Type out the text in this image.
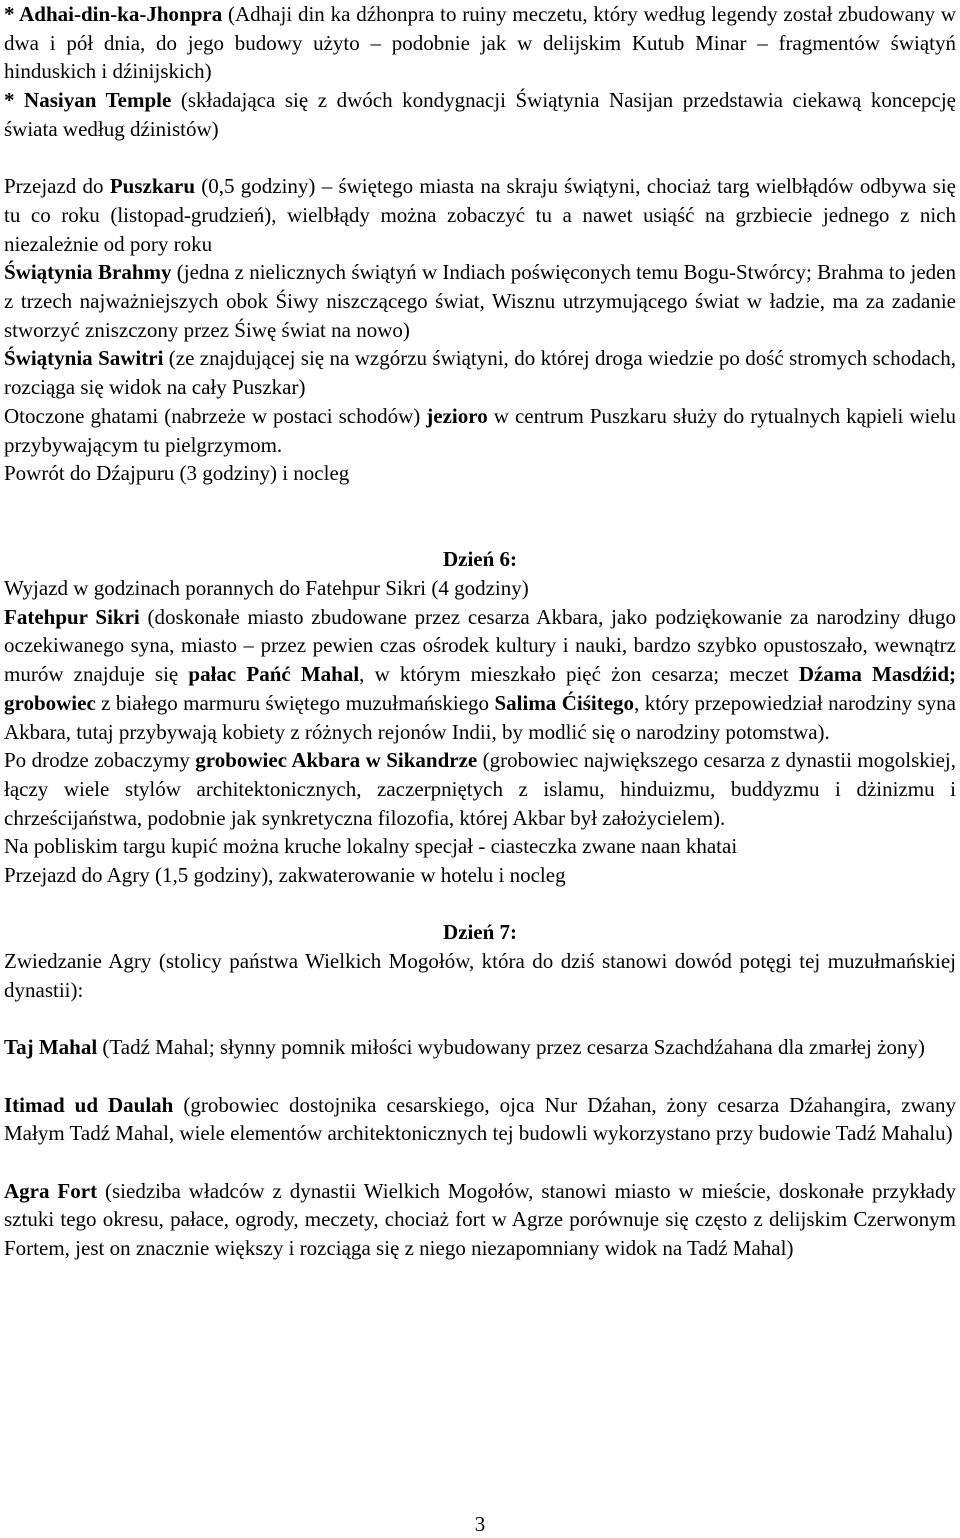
* Adhai-din-ka-Jhonpra (Adhaji din ka dźhonpra to ruiny meczetu, który według legendy został zbudowany w dwa i pół dnia, do jego budowy użyto – podobnie jak w delijskim Kutub Minar – fragmentów świątyń hinduskich i dźinijskich)

* Nasiyan Temple (składająca się z dwóch kondygnacji Świątynia Nasijan przedstawia ciekawą koncepcję świata według dźinistów)

Przejazd do Puszkaru (0,5 godziny) – świętego miasta na skraju świątyni, chociaż targ wielbłądów odbywa się tu co roku (listopad-grudzień), wielbłądy można zobaczyć tu a nawet usiąść na grzbiecie jednego z nich niezależnie od pory roku

Świątynia Brahmy (jedna z nielicznych świątyń w Indiach poświęconych temu Bogu-Stwórcy; Brahma to jeden z trzech najważniejszych obok Śiwy niszczącego świat, Wisznu utrzymującego świat w ładzie, ma za zadanie stworzyć zniszczony przez Śiwę świat na nowo)

Świątynia Sawitri (ze znajdującej się na wzgórzu świątyni, do której droga wiedzie po dość stromych schodach, rozciąga się widok na cały Puszkar)

Otoczone ghatami (nabrzeże w postaci schodów) jezioro w centrum Puszkaru służy do rytualnych kąpieli wielu przybywającym tu pielgrzymom.

Powrót do Dźajpuru (3 godziny) i nocleg

Dzień 6:

Wyjazd w godzinach porannych do Fatehpur Sikri (4 godziny)

Fatehpur Sikri (doskonałe miasto zbudowane przez cesarza Akbara, jako podziękowanie za narodziny długo oczekiwanego syna, miasto – przez pewien czas ośrodek kultury i nauki, bardzo szybko opustoszało, wewnątrz murów znajduje się pałac Pańć Mahal, w którym mieszkało pięć żon cesarza; meczet Dźama Masdźid; grobowiec z białego marmuru świętego muzułmańskiego Salima Ćiśitego, który przepowiedział narodziny syna Akbara, tutaj przybywają kobiety z różnych rejonów Indii, by modlić się o narodziny potomstwa).

Po drodze zobaczymy grobowiec Akbara w Sikandrze (grobowiec największego cesarza z dynastii mogolskiej, łączy wiele stylów architektonicznych, zaczerpniętych z islamu, hinduizmu, buddyzmu i dżinizmu i chrześcijaństwa, podobnie jak synkretyczna filozofia, której Akbar był założycielem).

Na pobliskim targu kupić można kruche lokalny specjał - ciasteczka zwane naan khatai

Przejazd do Agry (1,5 godziny), zakwaterowanie w hotelu i nocleg

Dzień 7:

Zwiedzanie Agry (stolicy państwa Wielkich Mogołów, która do dziś stanowi dowód potęgi tej muzułmańskiej dynastii):

Taj Mahal (Tadź Mahal; słynny pomnik miłości wybudowany przez cesarza Szachdźahana dla zmarłej żony)

Itimad ud Daulah (grobowiec dostojnika cesarskiego, ojca Nur Dźahan, żony cesarza Dźahangira, zwany Małym Tadź Mahal, wiele elementów architektonicznych tej budowli wykorzystano przy budowie Tadź Mahalu)

Agra Fort (siedziba władców z dynastii Wielkich Mogołów, stanowi miasto w mieście, doskonałe przykłady sztuki tego okresu, pałace, ogrody, meczety, chociaż fort w Agrze porównuje się często z delijskim Czerwonym Fortem, jest on znacznie większy i rozciąga się z niego niezapomniany widok na Tadź Mahal)

3
